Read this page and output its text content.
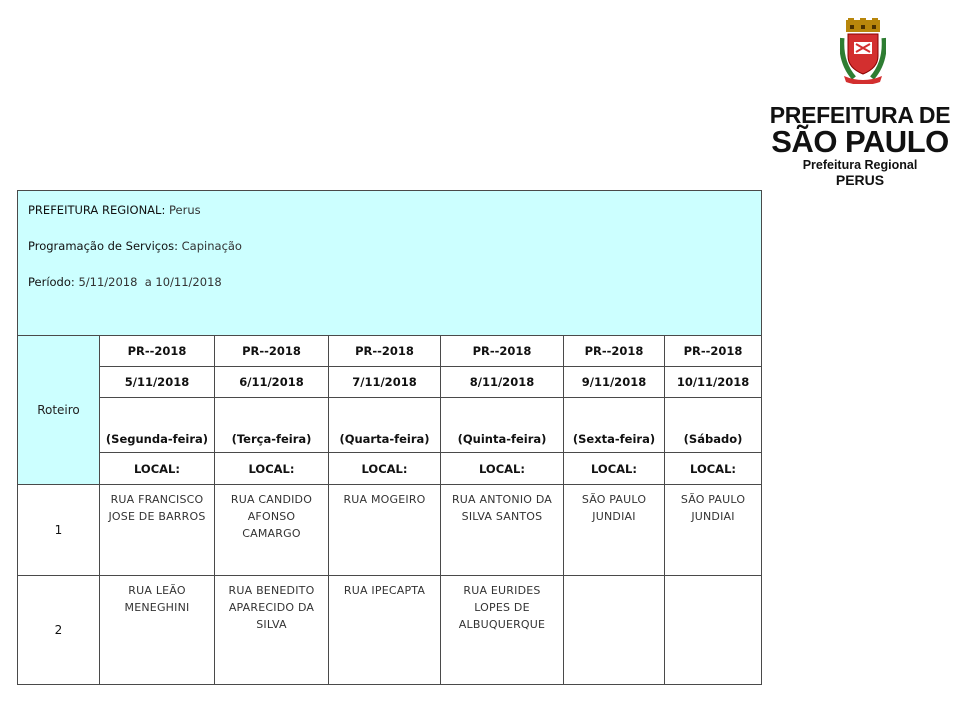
PREFEITURA DE
SÃO PAULO
Prefeitura Regional
PERUS

PREFEITURA REGIONAL: Perus

Programação de Serviços: Capinação

Período: 5/11/2018  a 10/11/2018						

Roteiro	PR--2018	PR--2018	PR--2018	PR--2018	PR--2018	PR--2018
	5/11/2018	6/11/2018	7/11/2018	8/11/2018	9/11/2018	10/11/2018
	(Segunda-feira)	(Terça-feira)	(Quarta-feira)	(Quinta-feira)	(Sexta-feira)	(Sábado)
	LOCAL:	LOCAL:	LOCAL:	LOCAL:	LOCAL:	LOCAL:
1	RUA FRANCISCO JOSE DE BARROS	RUA CANDIDO AFONSO CAMARGO	RUA MOGEIRO	RUA ANTONIO DA SILVA SANTOS	SÃO PAULO JUNDIAI	SÃO PAULO JUNDIAI
2	RUA LEÃO MENEGHINI	RUA BENEDITO APARECIDO DA SILVA	RUA IPECAPTA	RUA EURIDES LOPES DE ALBUQUERQUE		
